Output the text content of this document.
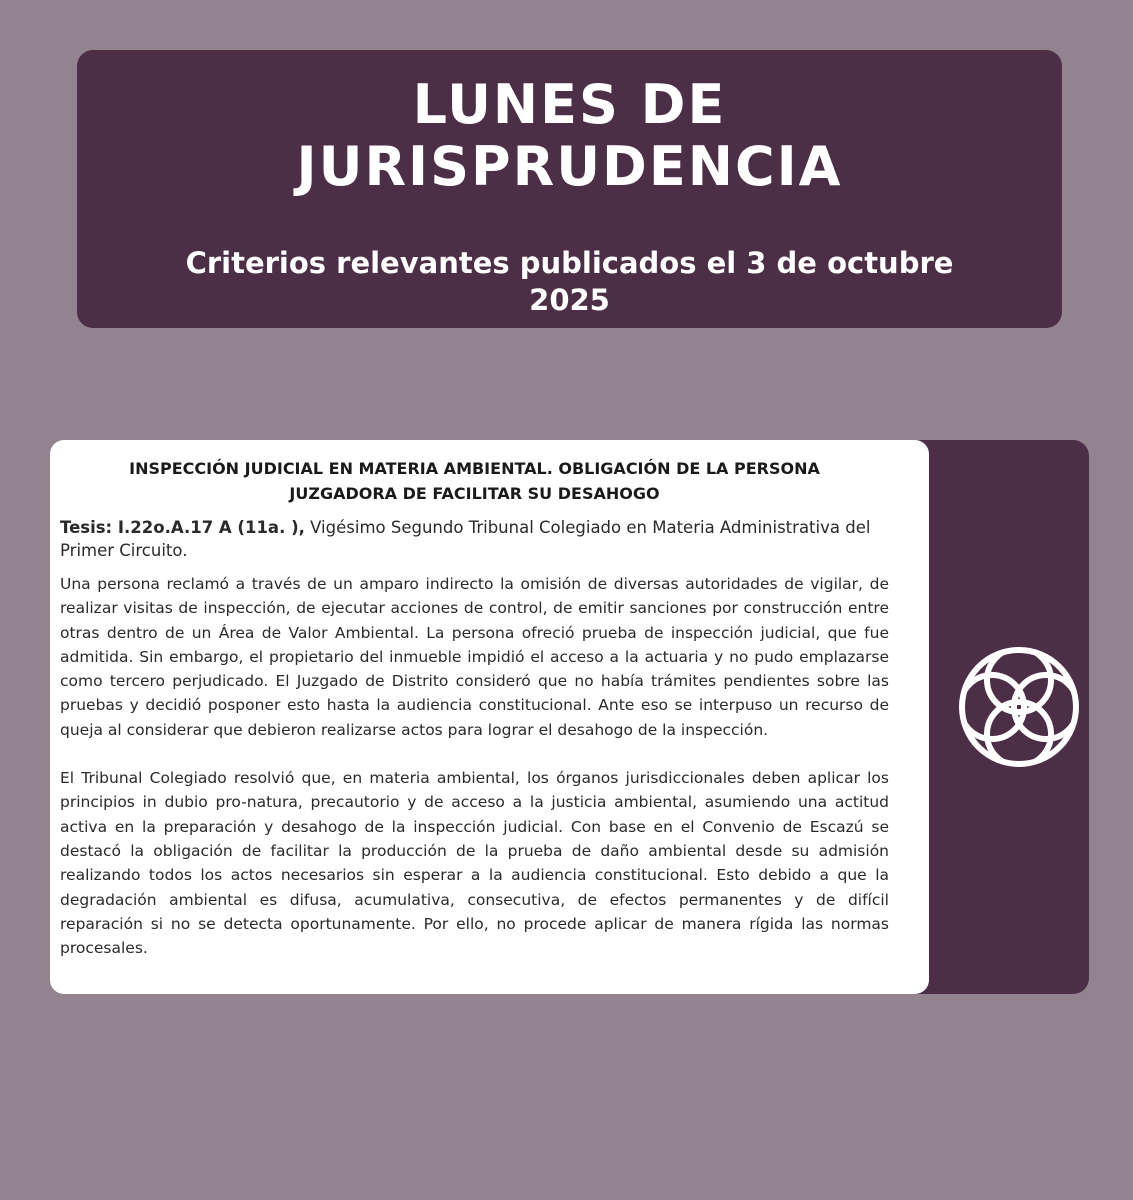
LUNES DE
JURISPRUDENCIA
Criterios relevantes publicados el 3 de octubre
2025
INSPECCIÓN JUDICIAL EN MATERIA AMBIENTAL. OBLIGACIÓN DE LA PERSONA
JUZGADORA DE FACILITAR SU DESAHOGO

Tesis: I.22o.A.17 A (11a. ), Vigésimo Segundo Tribunal Colegiado en Materia Administrativa del Primer Circuito.

Una persona reclamó a través de un amparo indirecto la omisión de diversas autoridades de vigilar, de realizar visitas de inspección, de ejecutar acciones de control, de emitir sanciones por construcción entre otras dentro de un Área de Valor Ambiental. La persona ofreció prueba de inspección judicial, que fue admitida. Sin embargo, el propietario del inmueble impidió el acceso a la actuaria y no pudo emplazarse como tercero perjudicado. El Juzgado de Distrito consideró que no había trámites pendientes sobre las pruebas y decidió posponer esto hasta la audiencia constitucional. Ante eso se interpuso un recurso de queja al considerar que debieron realizarse actos para lograr el desahogo de la inspección.

El Tribunal Colegiado resolvió que, en materia ambiental, los órganos jurisdiccionales deben aplicar los principios in dubio pro-natura, precautorio y de acceso a la justicia ambiental, asumiendo una actitud activa en la preparación y desahogo de la inspección judicial. Con base en el Convenio de Escazú se destacó la obligación de facilitar la producción de la prueba de daño ambiental desde su admisión realizando todos los actos necesarios sin esperar a la audiencia constitucional. Esto debido a que la degradación ambiental es difusa, acumulativa, consecutiva, de efectos permanentes y de difícil reparación si no se detecta oportunamente. Por ello, no procede aplicar de manera rígida las normas procesales.
